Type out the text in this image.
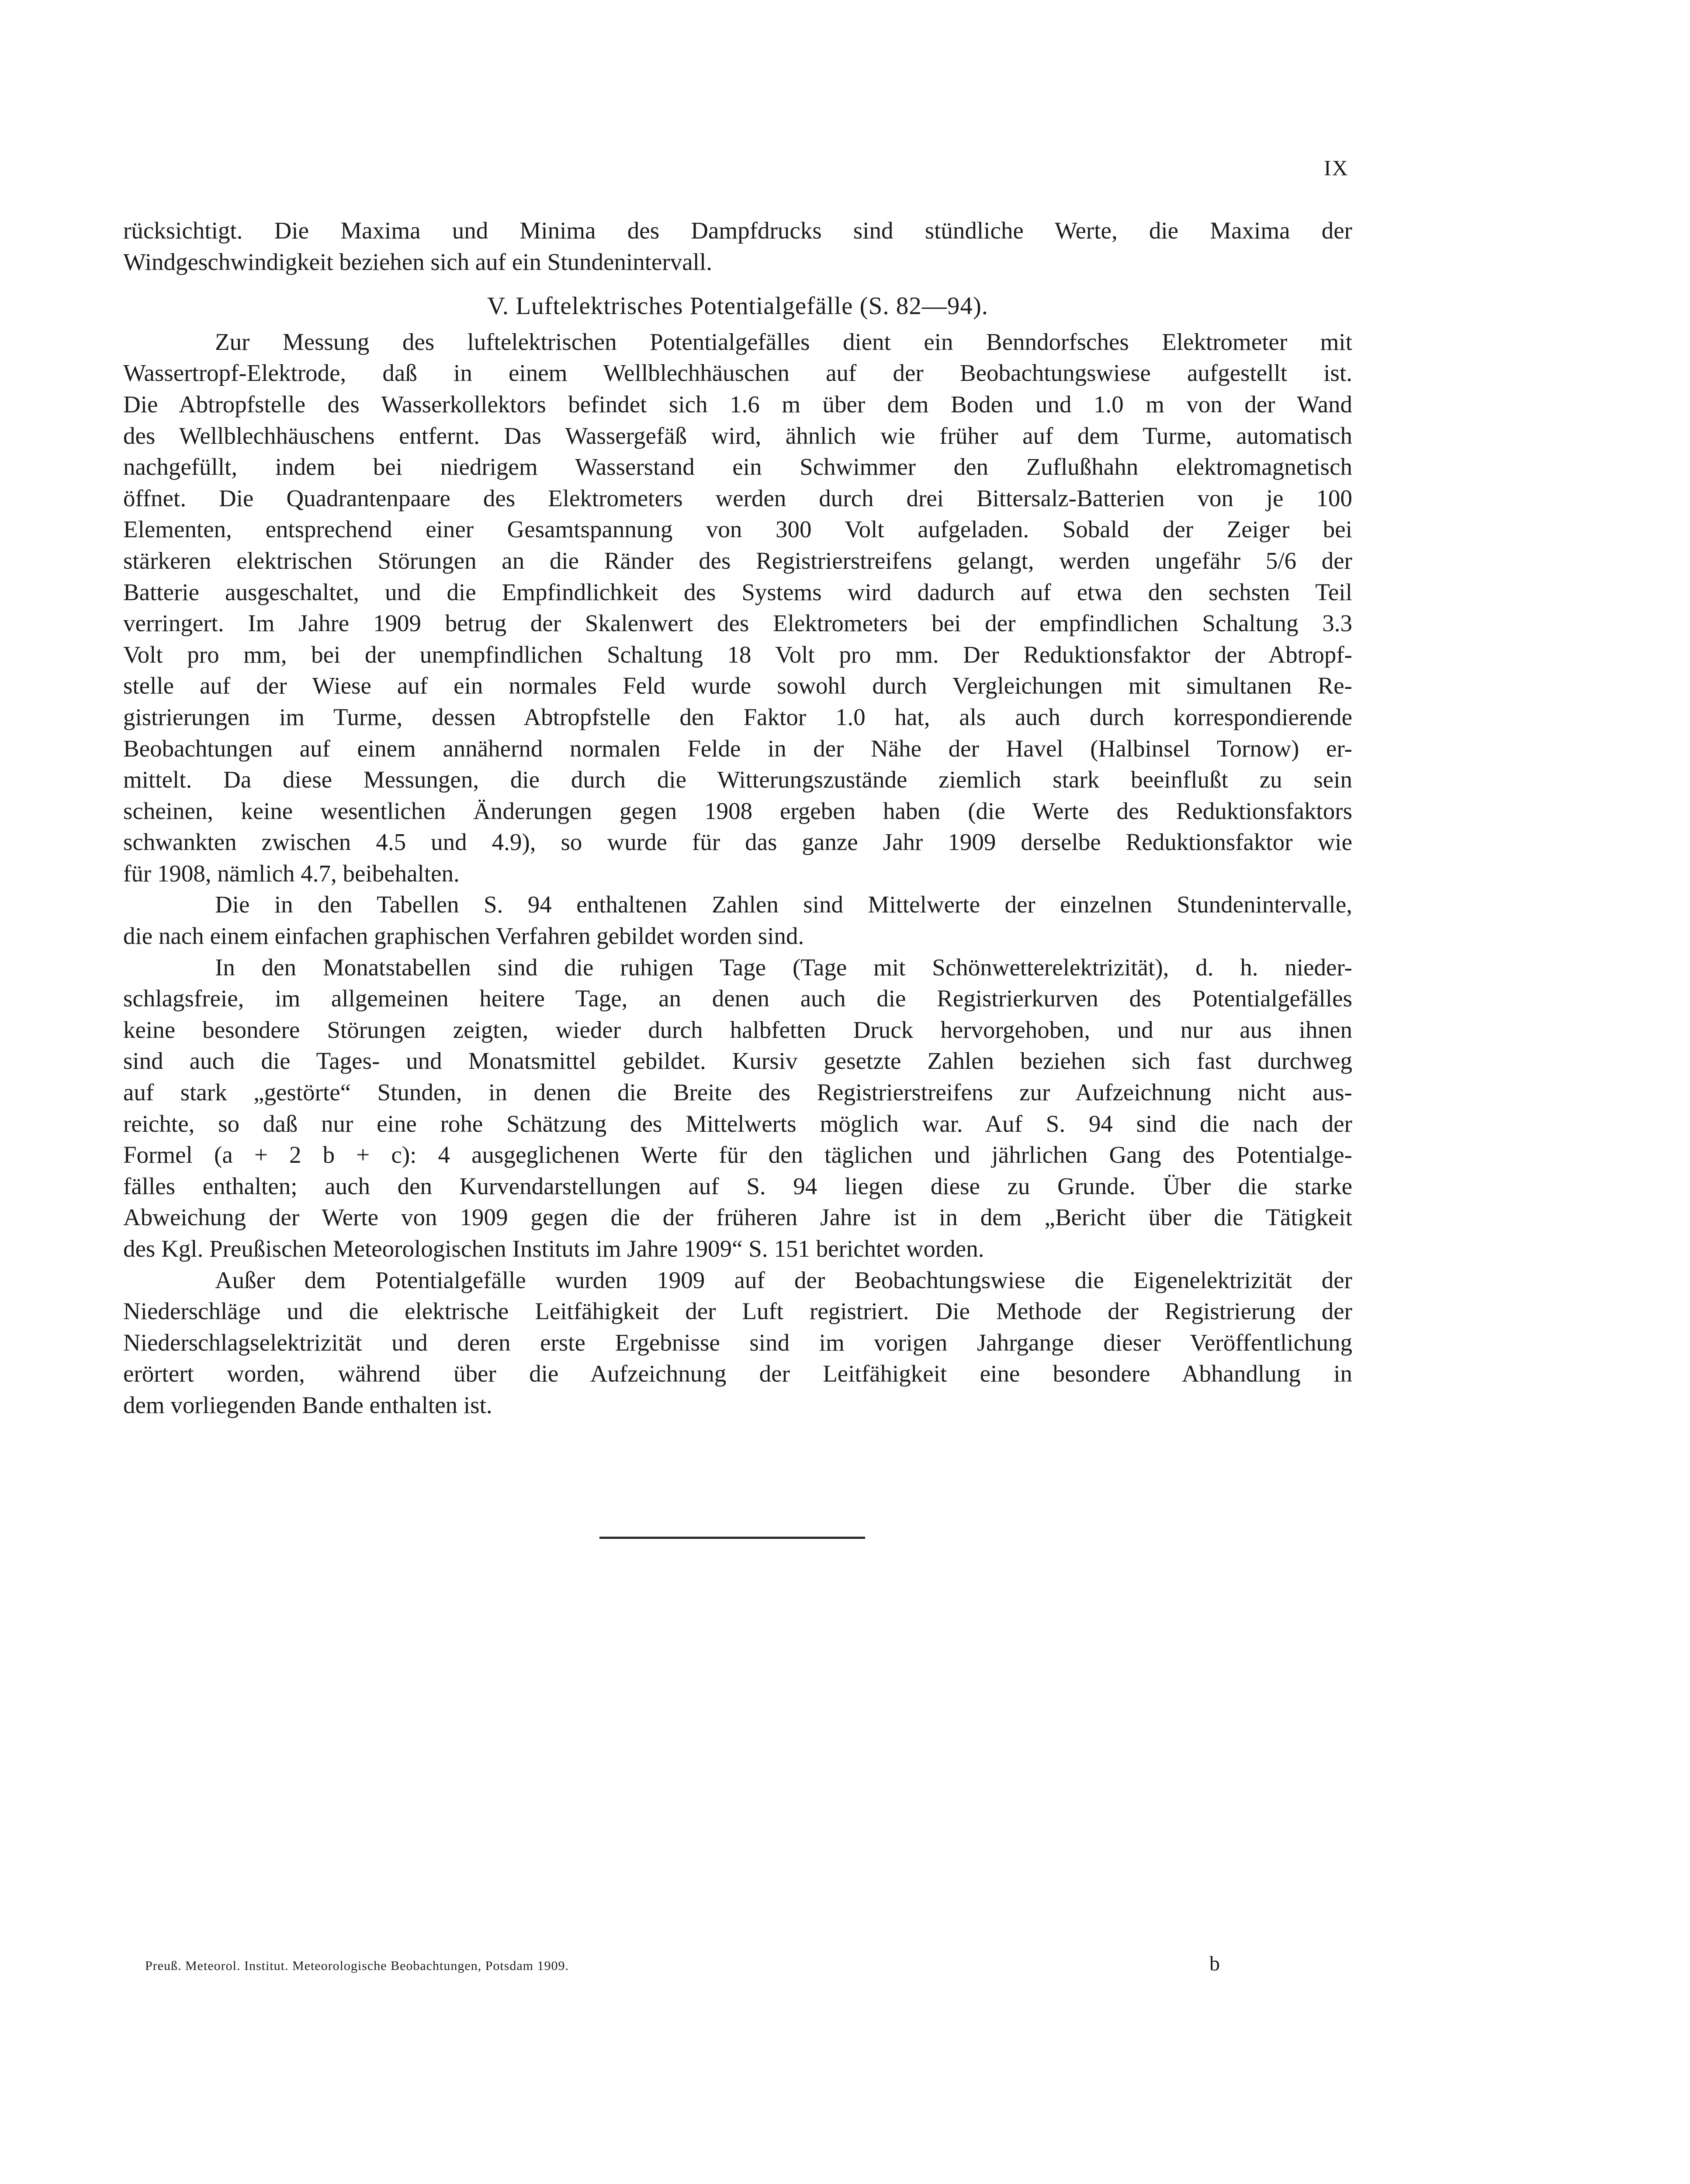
IX
rücksichtigt. Die Maxima und Minima des Dampfdrucks sind stündliche Werte, die Maxima der
Windgeschwindigkeit beziehen sich auf ein Stundenintervall.
V. Luftelektrisches Potentialgefälle (S. 82—94).
Zur Messung des luftelektrischen Potentialgefälles dient ein Benndorfsches Elektrometer mit
Wassertropf-Elektrode, daß in einem Wellblechhäuschen auf der Beobachtungswiese aufgestellt ist.
Die Abtropfstelle des Wasserkollektors befindet sich 1.6 m über dem Boden und 1.0 m von der Wand
des Wellblechhäuschens entfernt. Das Wassergefäß wird, ähnlich wie früher auf dem Turme, automatisch
nachgefüllt, indem bei niedrigem Wasserstand ein Schwimmer den Zuflußhahn elektromagnetisch
öffnet. Die Quadrantenpaare des Elektrometers werden durch drei Bittersalz-Batterien von je 100
Elementen, entsprechend einer Gesamtspannung von 300 Volt aufgeladen. Sobald der Zeiger bei
stärkeren elektrischen Störungen an die Ränder des Registrierstreifens gelangt, werden ungefähr 5/6 der
Batterie ausgeschaltet, und die Empfindlichkeit des Systems wird dadurch auf etwa den sechsten Teil
verringert. Im Jahre 1909 betrug der Skalenwert des Elektrometers bei der empfindlichen Schaltung 3.3
Volt pro mm, bei der unempfindlichen Schaltung 18 Volt pro mm. Der Reduktionsfaktor der Abtropf-
stelle auf der Wiese auf ein normales Feld wurde sowohl durch Vergleichungen mit simultanen Re-
gistrierungen im Turme, dessen Abtropfstelle den Faktor 1.0 hat, als auch durch korrespondierende
Beobachtungen auf einem annähernd normalen Felde in der Nähe der Havel (Halbinsel Tornow) er-
mittelt. Da diese Messungen, die durch die Witterungszustände ziemlich stark beeinflußt zu sein
scheinen, keine wesentlichen Änderungen gegen 1908 ergeben haben (die Werte des Reduktionsfaktors
schwankten zwischen 4.5 und 4.9), so wurde für das ganze Jahr 1909 derselbe Reduktionsfaktor wie
für 1908, nämlich 4.7, beibehalten.
Die in den Tabellen S. 94 enthaltenen Zahlen sind Mittelwerte der einzelnen Stundenintervalle,
die nach einem einfachen graphischen Verfahren gebildet worden sind.
In den Monatstabellen sind die ruhigen Tage (Tage mit Schönwetterelektrizität), d. h. nieder-
schlagsfreie, im allgemeinen heitere Tage, an denen auch die Registrierkurven des Potentialgefälles
keine besondere Störungen zeigten, wieder durch halbfetten Druck hervorgehoben, und nur aus ihnen
sind auch die Tages- und Monatsmittel gebildet. Kursiv gesetzte Zahlen beziehen sich fast durchweg
auf stark „gestörte“ Stunden, in denen die Breite des Registrierstreifens zur Aufzeichnung nicht aus-
reichte, so daß nur eine rohe Schätzung des Mittelwerts möglich war. Auf S. 94 sind die nach der
Formel (a + 2 b + c): 4 ausgeglichenen Werte für den täglichen und jährlichen Gang des Potentialge-
fälles enthalten; auch den Kurvendarstellungen auf S. 94 liegen diese zu Grunde. Über die starke
Abweichung der Werte von 1909 gegen die der früheren Jahre ist in dem „Bericht über die Tätigkeit
des Kgl. Preußischen Meteorologischen Instituts im Jahre 1909“ S. 151 berichtet worden.
Außer dem Potentialgefälle wurden 1909 auf der Beobachtungswiese die Eigenelektrizität der
Niederschläge und die elektrische Leitfähigkeit der Luft registriert. Die Methode der Registrierung der
Niederschlagselektrizität und deren erste Ergebnisse sind im vorigen Jahrgange dieser Veröffentlichung
erörtert worden, während über die Aufzeichnung der Leitfähigkeit eine besondere Abhandlung in
dem vorliegenden Bande enthalten ist.
Preuß. Meteorol. Institut. Meteorologische Beobachtungen, Potsdam 1909.	b
